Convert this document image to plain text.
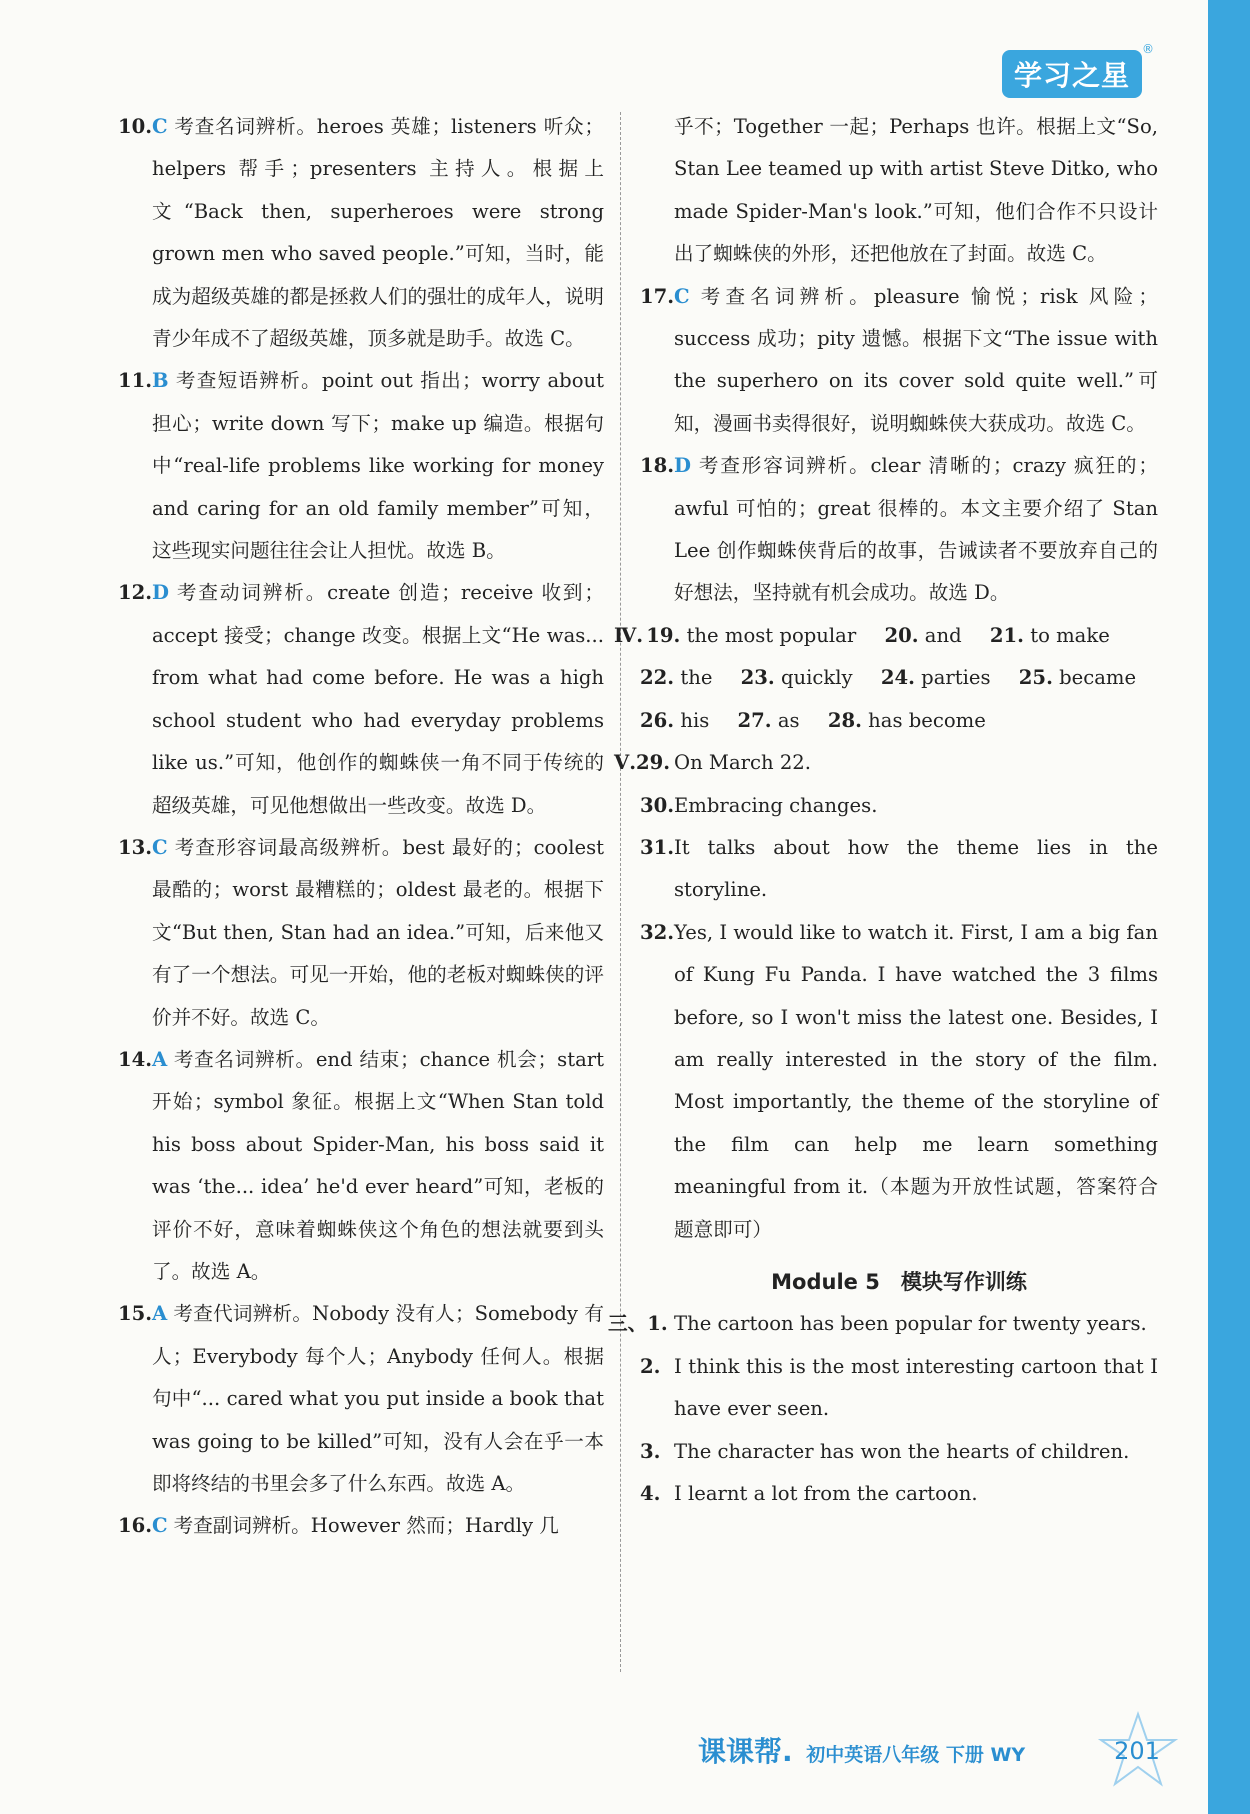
学习之星
®
10. C 考查名词辨析。heroes 英雄；listeners 听众；helpers 帮手；presenters 主持人。根据上文“Back then, superheroes were strong grown men who saved people.”可知，当时，能成为超级英雄的都是拯救人们的强壮的成年人，说明青少年成不了超级英雄，顶多就是助手。故选 C。
11. B 考查短语辨析。point out 指出；worry about 担心；write down 写下；make up 编造。根据句中“real-life problems like working for money and caring for an old family member”可知，这些现实问题往往会让人担忧。故选 B。
12. D 考查动词辨析。create 创造；receive 收到；accept 接受；change 改变。根据上文“He was... from what had come before. He was a high school student who had everyday problems like us.”可知，他创作的蜘蛛侠一角不同于传统的超级英雄，可见他想做出一些改变。故选 D。
13. C 考查形容词最高级辨析。best 最好的；coolest 最酷的；worst 最糟糕的；oldest 最老的。根据下文“But then, Stan had an idea.”可知，后来他又有了一个想法。可见一开始，他的老板对蜘蛛侠的评价并不好。故选 C。
14. A 考查名词辨析。end 结束；chance 机会；start 开始；symbol 象征。根据上文“When Stan told his boss about Spider-Man, his boss said it was ‘the... idea’ he'd ever heard”可知，老板的评价不好，意味着蜘蛛侠这个角色的想法就要到头了。故选 A。
15. A 考查代词辨析。Nobody 没有人；Somebody 有人；Everybody 每个人；Anybody 任何人。根据句中“... cared what you put inside a book that was going to be killed”可知，没有人会在乎一本即将终结的书里会多了什么东西。故选 A。
16. C 考查副词辨析。However 然而；Hardly 几
乎不；Together 一起；Perhaps 也许。根据上文“So, Stan Lee teamed up with artist Steve Ditko, who made Spider-Man's look.”可知，他们合作不只设计出了蜘蛛侠的外形，还把他放在了封面。故选 C。
17. C 考查名词辨析。pleasure 愉悦；risk 风险；success 成功；pity 遗憾。根据下文“The issue with the superhero on its cover sold quite well.”可知，漫画书卖得很好，说明蜘蛛侠大获成功。故选 C。
18. D 考查形容词辨析。clear 清晰的；crazy 疯狂的；awful 可怕的；great 很棒的。本文主要介绍了 Stan Lee 创作蜘蛛侠背后的故事，告诫读者不要放弃自己的好想法，坚持就有机会成功。故选 D。
Ⅳ. 19. the most popular 20. and 21. to make
22. the 23. quickly 24. parties 25. became
26. his 27. as 28. has become
Ⅴ.29. On March 22.
30. Embracing changes.
31. It talks about how the theme lies in the storyline.
32. Yes, I would like to watch it. First, I am a big fan of Kung Fu Panda. I have watched the 3 films before, so I won't miss the latest one. Besides, I am really interested in the story of the film. Most importantly, the theme of the storyline of the film can help me learn something meaningful from it.（本题为开放性试题，答案符合题意即可）
Module 5　模块写作训练
三、1. The cartoon has been popular for twenty years.
2. I think this is the most interesting cartoon that I have ever seen.
3. The character has won the hearts of children.
4. I learnt a lot from the cartoon.
课课帮. 初中英语八年级 下册 WY	201
